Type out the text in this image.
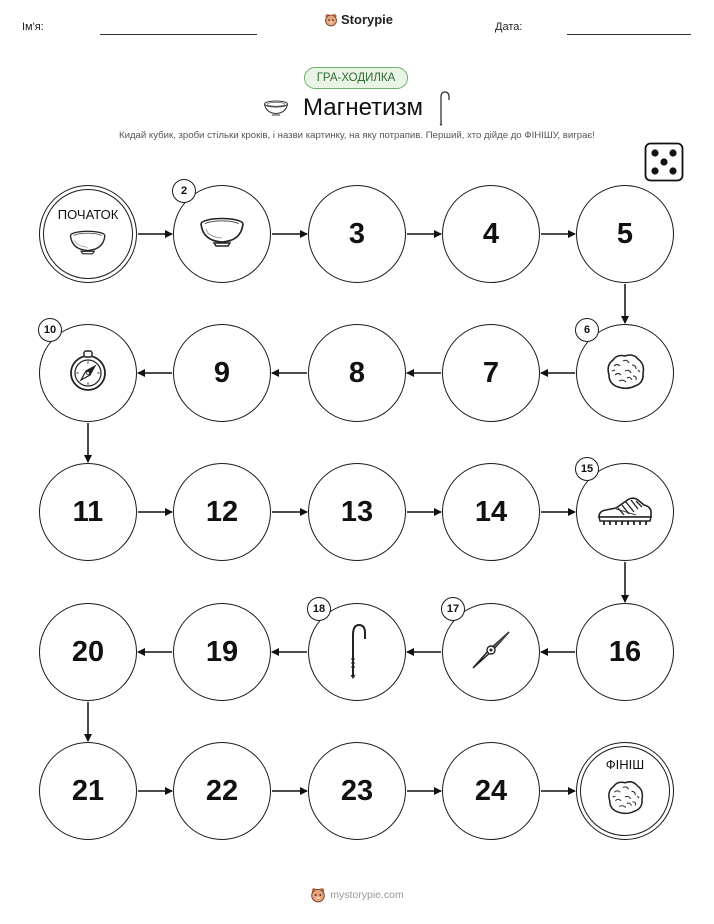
Ім'я:	Storypie	Дата:
ГРА-ХОДИЛКА
Магнетизм
Кидай кубик, зроби стільки кроків, і назви картинку, на яку потрапив. Перший, хто дійде до ФІНІШУ, виграє!
ПОЧАТОК
2
3	4	5
6
7
8
9
10
11	12	13	14
15
16
17
18
19
20
21	22	23	24
ФІНІШ
mystorypie.com
